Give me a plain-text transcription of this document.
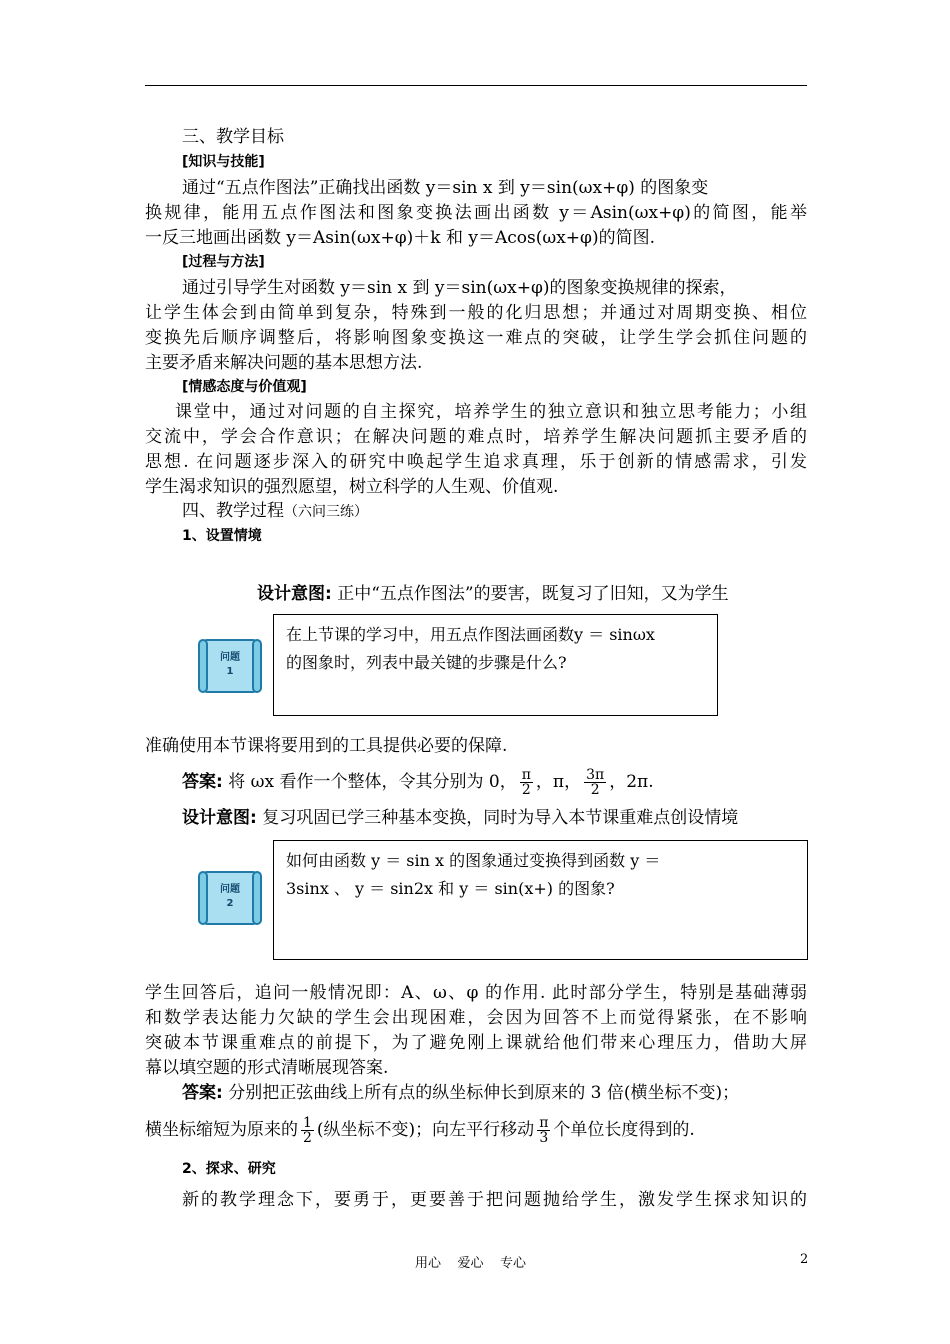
三、教学目标
[知识与技能]
通过“五点作图法”正确找出函数 y＝sin x 到 y＝sin(ωx+φ) 的图象变
换规律，能用五点作图法和图象变换法画出函数 y＝Asin(ωx+φ)的简图，能举
一反三地画出函数 y＝Asin(ωx+φ)＋k 和 y＝Acos(ωx+φ)的简图.
[过程与方法]
通过引导学生对函数 y＝sin x 到 y＝sin(ωx+φ)的图象变换规律的探索，
让学生体会到由简单到复杂，特殊到一般的化归思想；并通过对周期变换、相位
变换先后顺序调整后，将影响图象变换这一难点的突破，让学生学会抓住问题的
主要矛盾来解决问题的基本思想方法.
[情感态度与价值观]
课堂中，通过对问题的自主探究，培养学生的独立意识和独立思考能力；小组
交流中，学会合作意识；在解决问题的难点时，培养学生解决问题抓主要矛盾的
思想. 在问题逐步深入的研究中唤起学生追求真理，乐于创新的情感需求，引发
学生渴求知识的强烈愿望，树立科学的人生观、价值观.
四、教学过程（六问三练）
1、设置情境
设计意图: 正中“五点作图法”的要害，既复习了旧知，又为学生
问题
1
在上节课的学习中，用五点作图法画函数y ＝ sinωx
的图象时，列表中最关键的步骤是什么?
准确使用本节课将要用到的工具提供必要的保障.
答案: 将 ωx 看作一个整体，令其分别为 0， $\frac{\pi}{2}$ ，π， $\frac{3\pi}{2}$ ，2π.
设计意图: 复习巩固已学三种基本变换，同时为导入本节课重难点创设情境
问题
2
如何由函数 y ＝ sin x 的图象通过变换得到函数 y ＝
3sinx 、 y ＝ sin2x 和 y ＝ sin(x+) 的图象?
学生回答后，追问一般情况即：A、ω、φ 的作用. 此时部分学生，特别是基础薄弱
和数学表达能力欠缺的学生会出现困难，会因为回答不上而觉得紧张，在不影响
突破本节课重难点的前提下，为了避免刚上课就给他们带来心理压力，借助大屏
幕以填空题的形式清晰展现答案.
答案: 分别把正弦曲线上所有点的纵坐标伸长到原来的 3 倍(横坐标不变)；
横坐标缩短为原来的 $\frac{1}{2}$ (纵坐标不变)；向左平行移动 $\frac{\pi}{3}$ 个单位长度得到的.
2、探求、研究
新的教学理念下，要勇于，更要善于把问题抛给学生，激发学生探求知识的
用心    爱心    专心	2
